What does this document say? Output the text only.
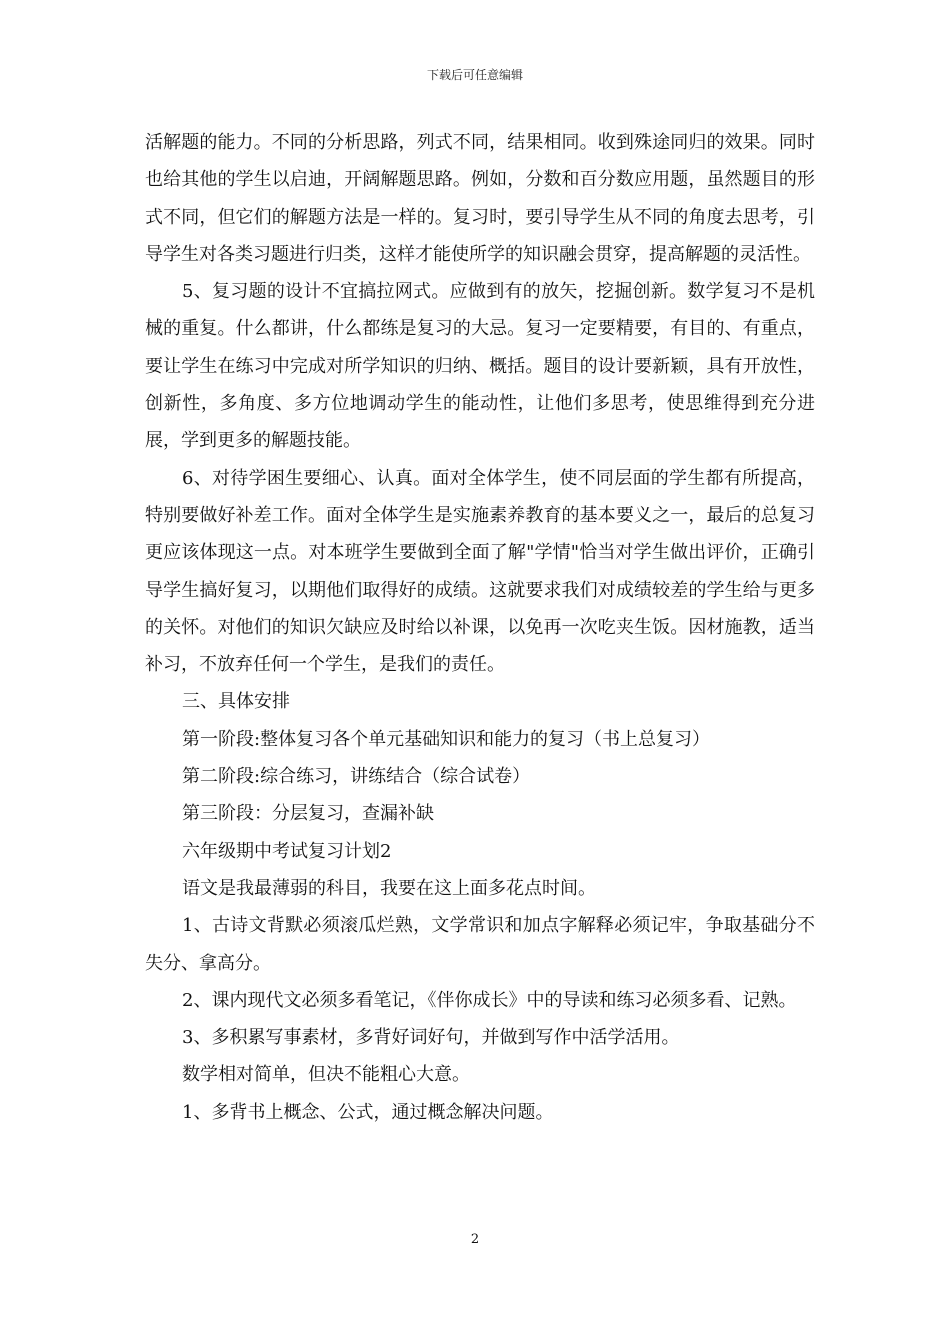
下载后可任意编辑

活解题的能力。不同的分析思路，列式不同，结果相同。收到殊途同归的效果。同时也给其他的学生以启迪，开阔解题思路。例如，分数和百分数应用题，虽然题目的形式不同，但它们的解题方法是一样的。复习时，要引导学生从不同的角度去思考，引导学生对各类习题进行归类，这样才能使所学的知识融会贯穿，提高解题的灵活性。

5、复习题的设计不宜搞拉网式。应做到有的放矢，挖掘创新。数学复习不是机械的重复。什么都讲，什么都练是复习的大忌。复习一定要精要，有目的、有重点，要让学生在练习中完成对所学知识的归纳、概括。题目的设计要新颖，具有开放性，创新性，多角度、多方位地调动学生的能动性，让他们多思考，使思维得到充分进展，学到更多的解题技能。

6、对待学困生要细心、认真。面对全体学生，使不同层面的学生都有所提高，特别要做好补差工作。面对全体学生是实施素养教育的基本要义之一，最后的总复习更应该体现这一点。对本班学生要做到全面了解"学情"恰当对学生做出评价，正确引导学生搞好复习，以期他们取得好的成绩。这就要求我们对成绩较差的学生给与更多的关怀。对他们的知识欠缺应及时给以补课，以免再一次吃夹生饭。因材施教，适当补习，不放弃任何一个学生，是我们的责任。

三、具体安排

第一阶段:整体复习各个单元基础知识和能力的复习（书上总复习）

第二阶段:综合练习，讲练结合（综合试卷）

第三阶段：分层复习，查漏补缺

六年级期中考试复习计划2

语文是我最薄弱的科目，我要在这上面多花点时间。

1、古诗文背默必须滚瓜烂熟，文学常识和加点字解释必须记牢，争取基础分不失分、拿高分。

2、课内现代文必须多看笔记，《伴你成长》中的导读和练习必须多看、记熟。

3、多积累写事素材，多背好词好句，并做到写作中活学活用。

数学相对简单，但决不能粗心大意。

1、多背书上概念、公式，通过概念解决问题。

2
